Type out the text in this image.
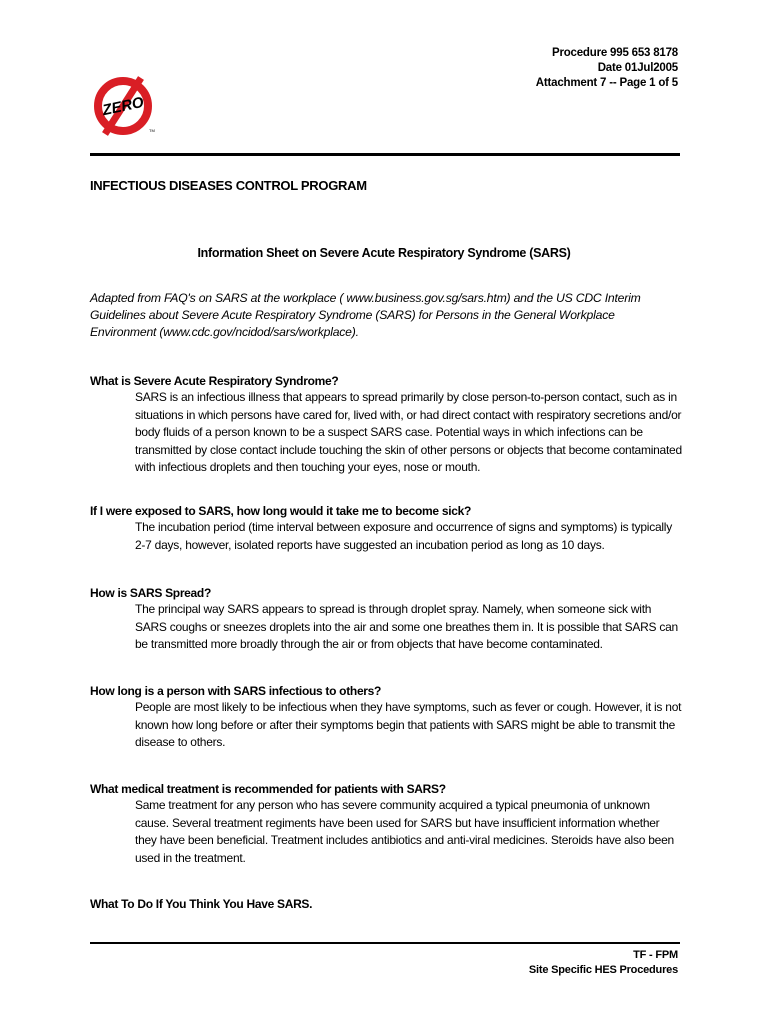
ZERO
TM
Procedure 995 653 8178
Date 01Jul2005
Attachment 7 -- Page 1 of 5
INFECTIOUS DISEASES CONTROL PROGRAM
Information Sheet on Severe Acute Respiratory Syndrome (SARS)
Adapted from FAQ's on SARS at the workplace ( www.business.gov.sg/sars.htm) and the US CDC Interim Guidelines about Severe Acute Respiratory Syndrome (SARS) for Persons in the General Workplace Environment (www.cdc.gov/ncidod/sars/workplace).
What is Severe Acute Respiratory Syndrome?
SARS is an infectious illness that appears to spread primarily by close person-to-person contact, such as in situations in which persons have cared for, lived with, or had direct contact with respiratory secretions and/or body fluids of a person known to be a suspect SARS case. Potential ways in which infections can be transmitted by close contact include touching the skin of other persons or objects that become contaminated with infectious droplets and then touching your eyes, nose or mouth.
If I were exposed to SARS, how long would it take me to become sick?
The incubation period (time interval between exposure and occurrence of signs and symptoms) is typically 2-7 days, however, isolated reports have suggested an incubation period as long as 10 days.
How is SARS Spread?
The principal way SARS appears to spread is through droplet spray. Namely, when someone sick with SARS coughs or sneezes droplets into the air and some one breathes them in. It is possible that SARS can be transmitted more broadly through the air or from objects that have become contaminated.
How long is a person with SARS infectious to others?
People are most likely to be infectious when they have symptoms, such as fever or cough. However, it is not known how long before or after their symptoms begin that patients with SARS might be able to transmit the disease to others.
What medical treatment is recommended for patients with SARS?
Same treatment for any person who has severe community acquired a typical pneumonia of unknown cause. Several treatment regiments have been used for SARS but have insufficient information whether they have been beneficial. Treatment includes antibiotics and anti-viral medicines. Steroids have also been used in the treatment.
What To Do If You Think You Have SARS.
TF - FPM
Site Specific HES Procedures
